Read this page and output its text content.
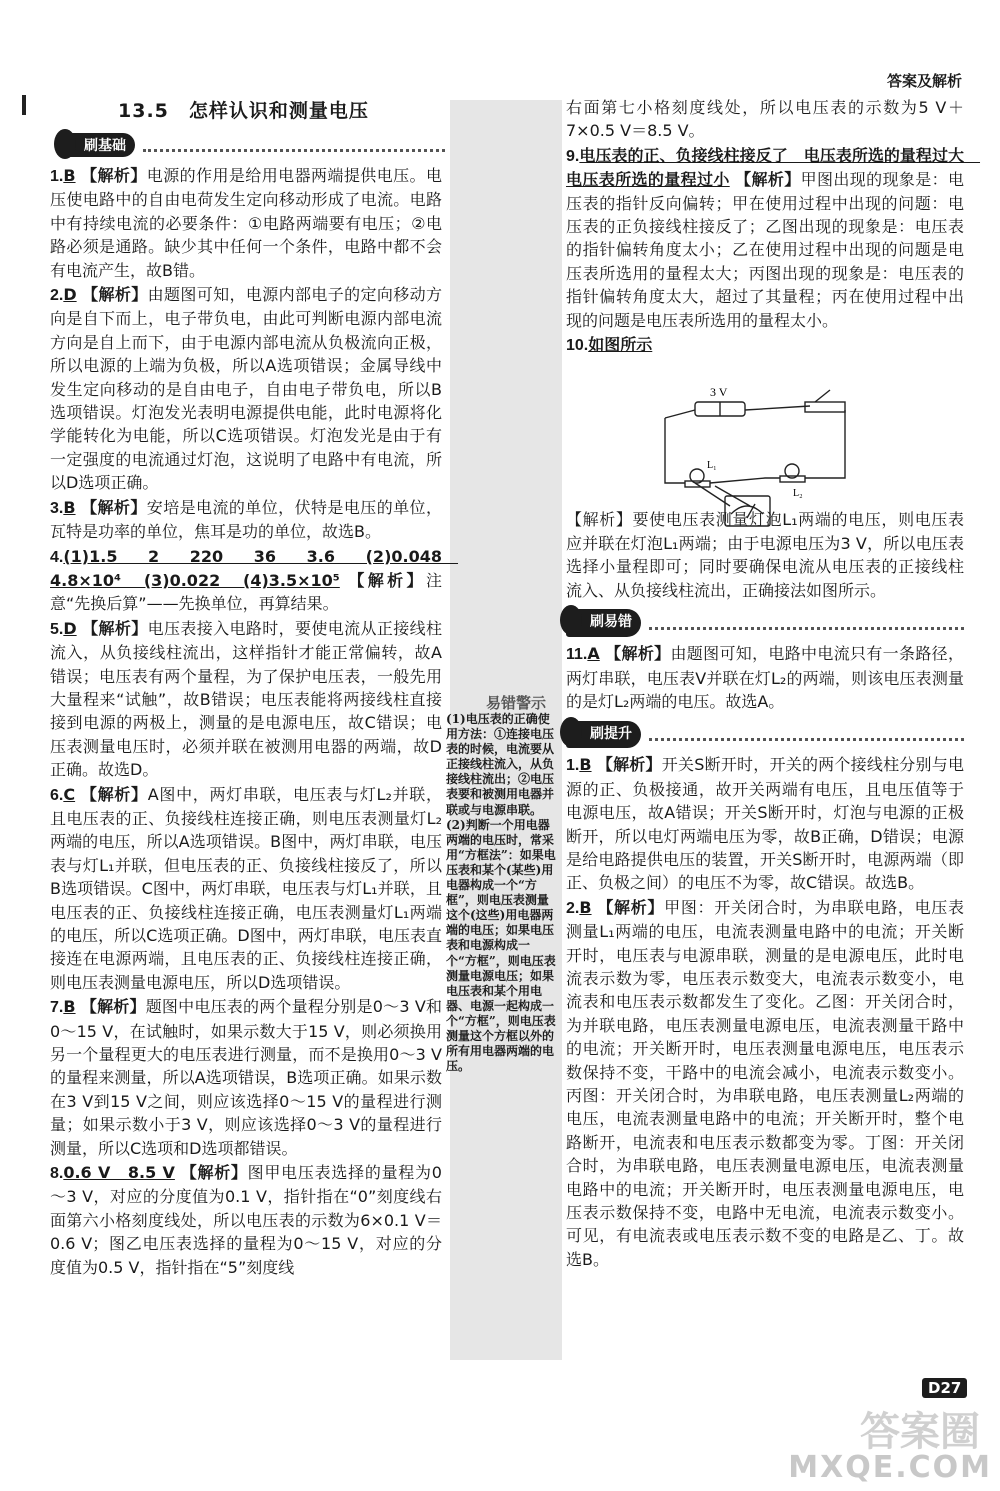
答案及解析
13.5　怎样认识和测量电压
易错警示
(1)电压表的正确使用方法：①连接电压表的时候，电流要从正接线柱流入，从负接线柱流出；②电压表要和被测用电器并联或与电源串联。(2)判断一个用电器两端的电压时，常采用“方框法”：如果电压表和某个(某些)用电器构成一个“方框”，则电压表测量这个(这些)用电器两端的电压；如果电压表和电源构成一个“方框”，则电压表测量电源电压；如果电压表和某个用电器、电源一起构成一个“方框”，则电压表测量这个方框以外的所有用电器两端的电压。
刷基础
1.B 【解析】电源的作用是给用电器两端提供电压。电压使电路中的自由电荷发生定向移动形成了电流。电路中有持续电流的必要条件：①电路两端要有电压；②电路必须是通路。缺少其中任何一个条件，电路中都不会有电流产生，故B错。
2.D 【解析】由题图可知，电源内部电子的定向移动方向是自下而上，电子带负电，由此可判断电源内部电流方向是自上而下，由于电源内部电流从负极流向正极，所以电源的上端为负极，所以A选项错误；金属导线中发生定向移动的是自由电子，自由电子带负电，所以B选项错误。灯泡发光表明电源提供电能，此时电源将化学能转化为电能，所以C选项错误。灯泡发光是由于有一定强度的电流通过灯泡，这说明了电路中有电流，所以D选项正确。
3.B 【解析】安培是电流的单位，伏特是电压的单位，瓦特是功率的单位，焦耳是功的单位，故选B。
4.(1)1.5　2　220　36　3.6　(2)0.048　4.8×10⁴　(3)0.022　(4)3.5×10⁵ 【解析】注意“先换后算”——先换单位，再算结果。
5.D 【解析】电压表接入电路时，要使电流从正接线柱流入，从负接线柱流出，这样指针才能正常偏转，故A错误；电压表有两个量程，为了保护电压表，一般先用大量程来“试触”，故B错误；电压表能将两接线柱直接接到电源的两极上，测量的是电源电压，故C错误；电压表测量电压时，必须并联在被测用电器的两端，故D正确。故选D。
6.C 【解析】A图中，两灯串联，电压表与灯L₂并联，且电压表的正、负接线柱连接正确，则电压表测量灯L₂两端的电压，所以A选项错误。B图中，两灯串联，电压表与灯L₁并联，但电压表的正、负接线柱接反了，所以B选项错误。C图中，两灯串联，电压表与灯L₁并联，且电压表的正、负接线柱连接正确，电压表测量灯L₁两端的电压，所以C选项正确。D图中，两灯串联，电压表直接连在电源两端，且电压表的正、负接线柱连接正确，则电压表测量电源电压，所以D选项错误。
7.B 【解析】题图中电压表的两个量程分别是0～3 V和0～15 V，在试触时，如果示数大于15 V，则必须换用另一个量程更大的电压表进行测量，而不是换用0～3 V的量程来测量，所以A选项错误，B选项正确。如果示数在3 V到15 V之间，则应该选择0～15 V的量程进行测量；如果示数小于3 V，则应该选择0～3 V的量程进行测量，所以C选项和D选项都错误。
8.0.6 V　8.5 V 【解析】图甲电压表选择的量程为0～3 V，对应的分度值为0.1 V，指针指在“0”刻度线右面第六小格刻度线处，所以电压表的示数为6×0.1 V＝0.6 V；图乙电压表选择的量程为0～15 V，对应的分度值为0.5 V，指针指在“5”刻度线
右面第七小格刻度线处，所以电压表的示数为5 V＋7×0.5 V＝8.5 V。
9.电压表的正、负接线柱接反了　电压表所选的量程过大　电压表所选的量程过小 【解析】甲图出现的现象是：电压表的指针反向偏转；甲在使用过程中出现的问题：电压表的正负接线柱接反了；乙图出现的现象是：电压表的指针偏转角度太小；乙在使用过程中出现的问题是电压表所选用的量程太大；丙图出现的现象是：电压表的指针偏转角度太大，超过了其量程；丙在使用过程中出现的问题是电压表所选用的量程太小。
10.如图所示
【解析】要使电压表测量灯泡L₁两端的电压，则电压表应并联在灯泡L₁两端；由于电源电压为3 V，所以电压表选择小量程即可；同时要确保电流从电压表的正接线柱流入、从负接线柱流出，正确接法如图所示。
刷易错
11.A 【解析】由题图可知，电路中电流只有一条路径，两灯串联，电压表V并联在灯L₂的两端，则该电压表测量的是灯L₂两端的电压。故选A。
刷提升
1.B 【解析】开关S断开时，开关的两个接线柱分别与电源的正、负极接通，故开关两端有电压，且电压值等于电源电压，故A错误；开关S断开时，灯泡与电源的正极断开，所以电灯两端电压为零，故B正确，D错误；电源是给电路提供电压的装置，开关S断开时，电源两端（即正、负极之间）的电压不为零，故C错误。故选B。
2.B 【解析】甲图：开关闭合时，为串联电路，电压表测量L₁两端的电压，电流表测量电路中的电流；开关断开时，电压表与电源串联，测量的是电源电压，此时电流表示数为零，电压表示数变大，电流表示数变小，电流表和电压表示数都发生了变化。乙图：开关闭合时，为并联电路，电压表测量电源电压，电流表测量干路中的电流；开关断开时，电压表测量电源电压，电压表示数保持不变，干路中的电流会减小，电流表示数变小。丙图：开关闭合时，为串联电路，电压表测量L₂两端的电压，电流表测量电路中的电流；开关断开时，整个电路断开，电流表和电压表示数都变为零。丁图：开关闭合时，为串联电路，电压表测量电源电压，电流表测量电路中的电流；开关断开时，电压表测量电源电压，电压表示数保持不变，电路中无电流，电流表示数变小。可见，有电流表或电压表示数不变的电路是乙、丁。故选B。
3 V
L₁
L₂
D27
答案圈
MXQE.COM
